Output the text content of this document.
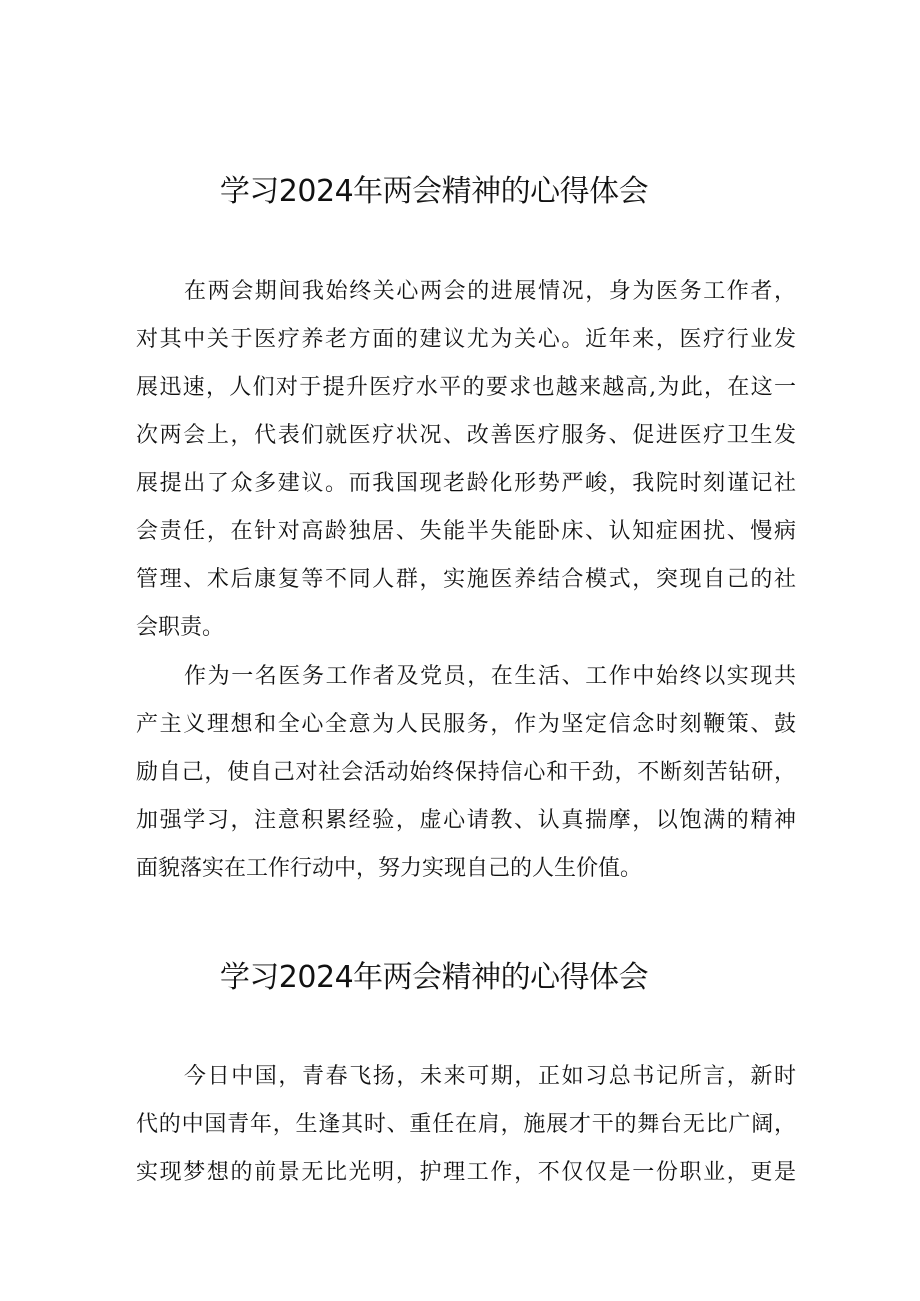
学习2024年两会精神的心得体会
在两会期间我始终关心两会的进展情况，身为医务工作者，
对其中关于医疗养老方面的建议尤为关心。近年来，医疗行业发
展迅速，人们对于提升医疗水平的要求也越来越高,为此，在这一
次两会上，代表们就医疗状况、改善医疗服务、促进医疗卫生发
展提出了众多建议。而我国现老龄化形势严峻，我院时刻谨记社
会责任，在针对高龄独居、失能半失能卧床、认知症困扰、慢病
管理、术后康复等不同人群，实施医养结合模式，突现自己的社
会职责。
作为一名医务工作者及党员，在生活、工作中始终以实现共
产主义理想和全心全意为人民服务，作为坚定信念时刻鞭策、鼓
励自己，使自己对社会活动始终保持信心和干劲，不断刻苦钻研，
加强学习，注意积累经验，虚心请教、认真揣摩，以饱满的精神
面貌落实在工作行动中，努力实现自己的人生价值。
学习2024年两会精神的心得体会
今日中国，青春飞扬，未来可期，正如习总书记所言，新时
代的中国青年，生逢其时、重任在肩，施展才干的舞台无比广阔，
实现梦想的前景无比光明，护理工作，不仅仅是一份职业，更是
